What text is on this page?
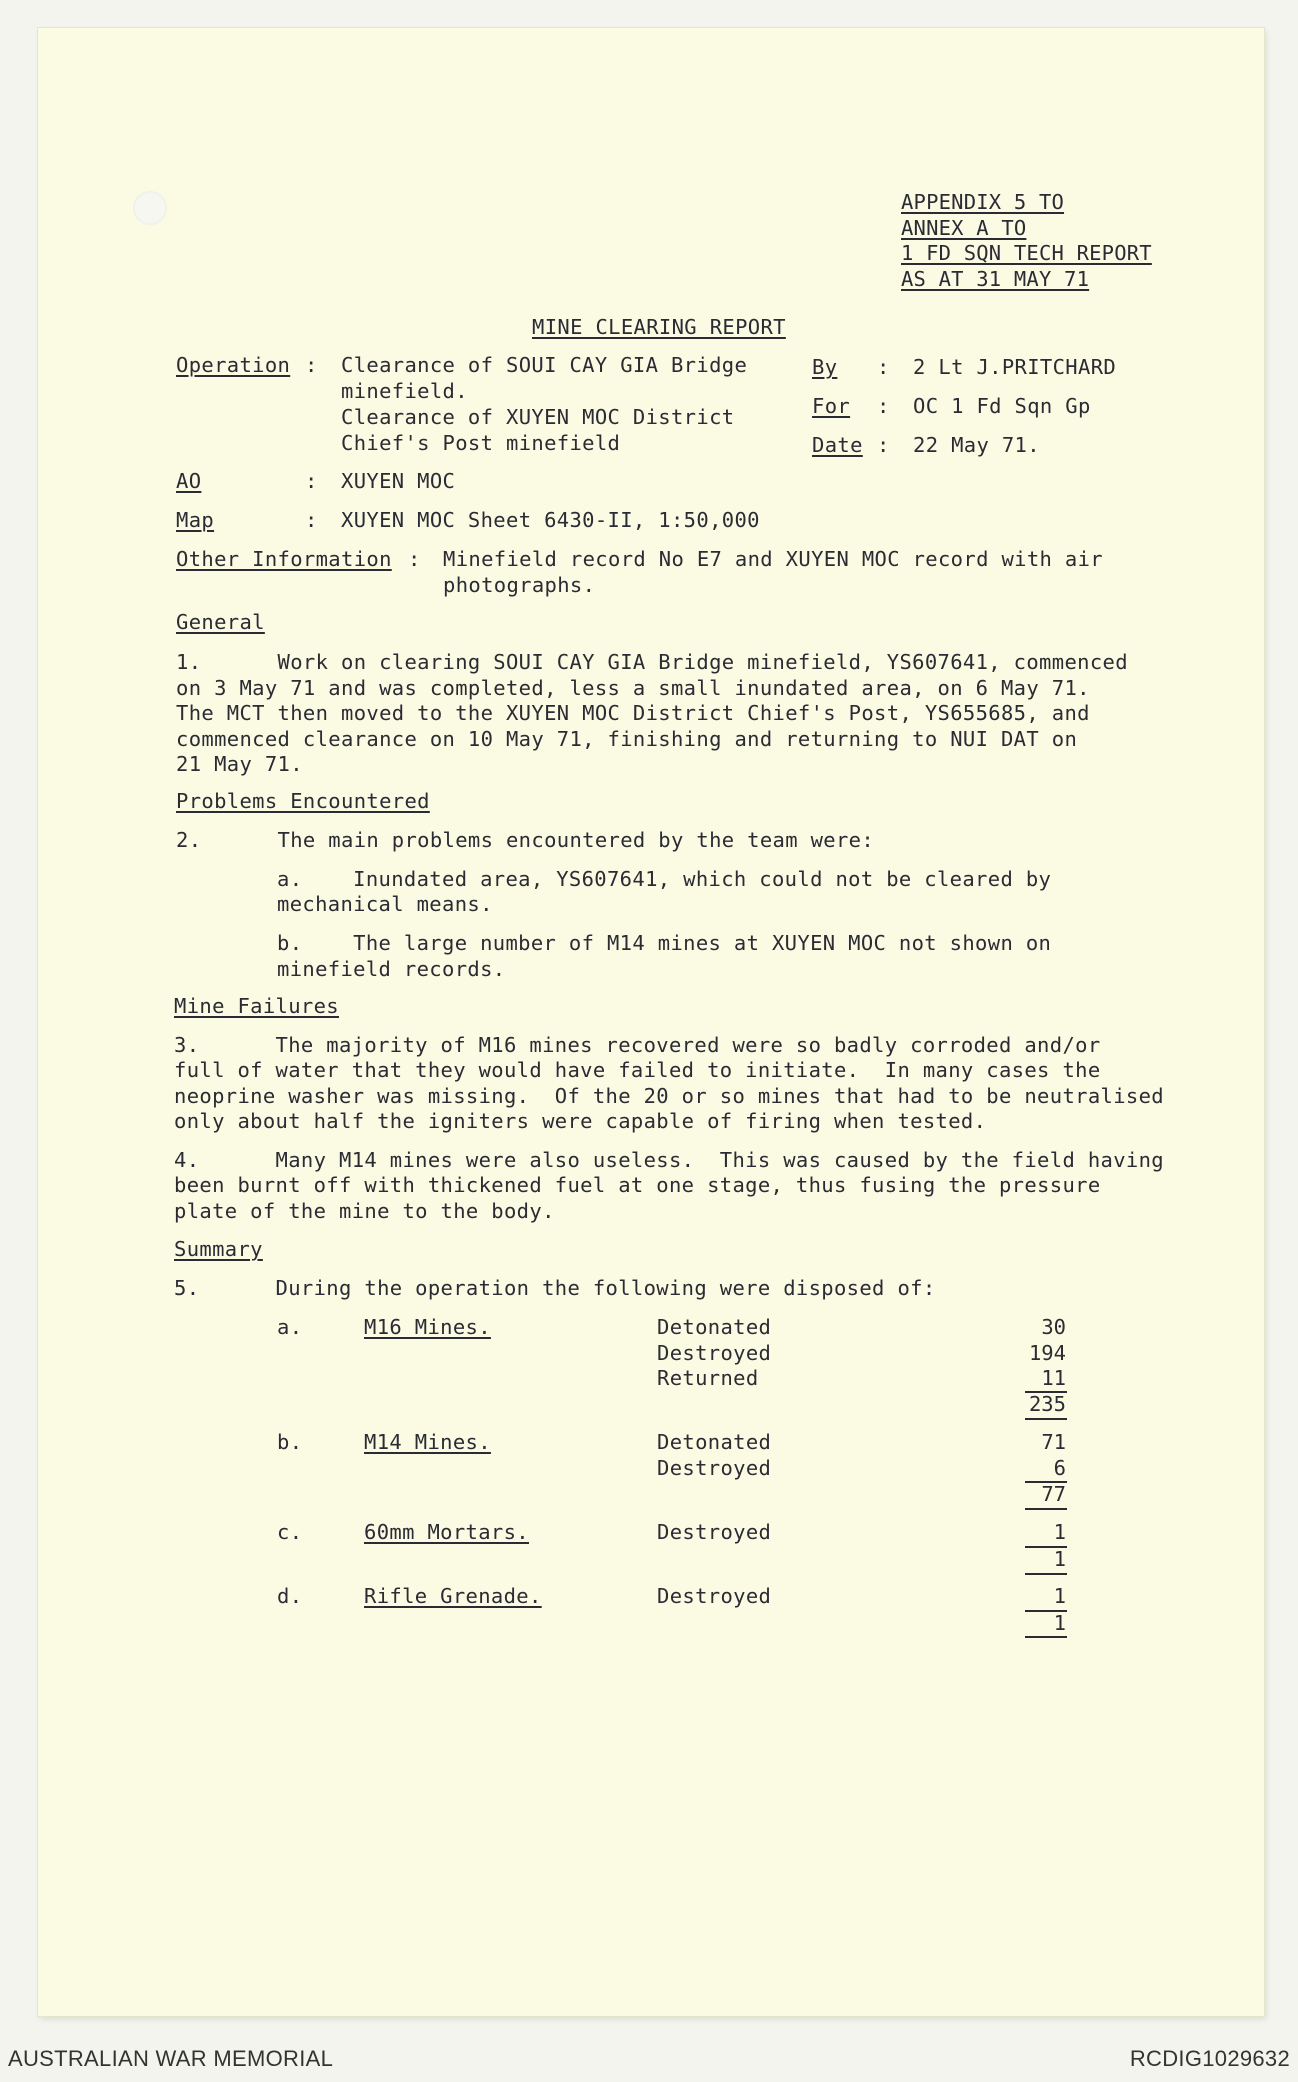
APPENDIX 5 TO
ANNEX A TO
1 FD SQN TECH REPORT
AS AT 31 MAY 71
MINE CLEARING REPORT
Operation : Clearance of SOUI CAY GIA Bridge
minefield.
Clearance of XUYEN MOC District
Chief's Post minefield
By : 2 Lt J.PRITCHARD
For : OC 1 Fd Sqn Gp
Date : 22 May 71.
AO	: XUYEN MOC
Map	: XUYEN MOC Sheet 6430-II, 1:50,000
Other Information : Minefield record No E7 and XUYEN MOC record with air
photographs.
General
1.      Work on clearing SOUI CAY GIA Bridge minefield, YS607641, commenced
on 3 May 71 and was completed, less a small inundated area, on 6 May 71.
The MCT then moved to the XUYEN MOC District Chief's Post, YS655685, and
commenced clearance on 10 May 71, finishing and returning to NUI DAT on
21 May 71.
Problems Encountered
2.      The main problems encountered by the team were:
a.    Inundated area, YS607641, which could not be cleared by
mechanical means.
b.    The large number of M14 mines at XUYEN MOC not shown on
minefield records.
Mine Failures
3.      The majority of M16 mines recovered were so badly corroded and/or
full of water that they would have failed to initiate.  In many cases the
neoprine washer was missing.  Of the 20 or so mines that had to be neutralised
only about half the igniters were capable of firing when tested.
4.      Many M14 mines were also useless.  This was caused by the field having
been burnt off with thickened fuel at one stage, thus fusing the pressure
plate of the mine to the body.
Summary
5.      During the operation the following were disposed of:
a.	M16 Mines.	Detonated	30
Destroyed	194
Returned	11
235
b.	M14 Mines.	Detonated	71
Destroyed	6
77
c.	60mm Mortars.	Destroyed	1
1
d.	Rifle Grenade.	Destroyed	1
1
AUSTRALIAN WAR MEMORIAL	RCDIG1029632
